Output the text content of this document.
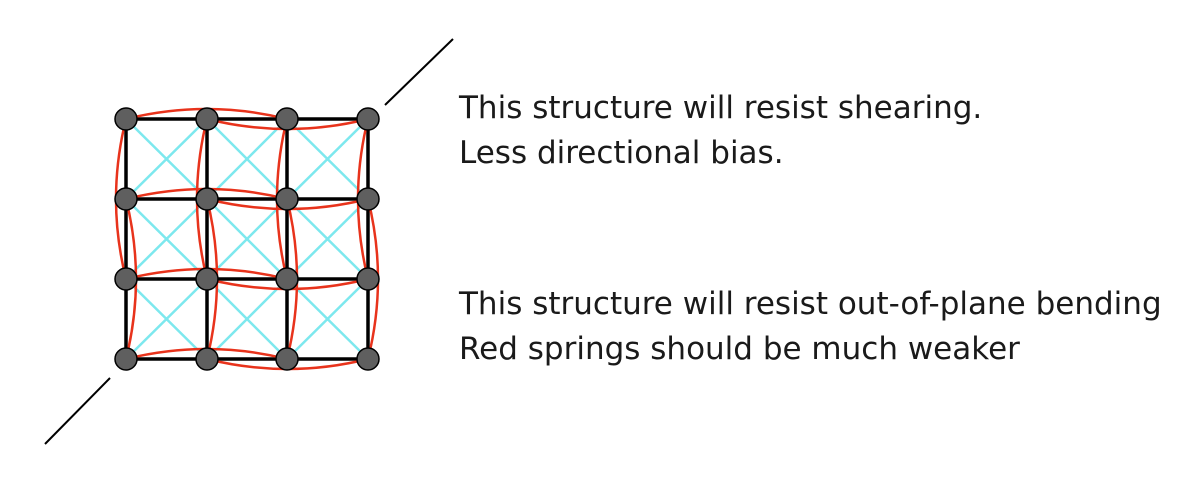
This structure will resist shearing.
Less directional bias.
This structure will resist out-of-plane bending
Red springs should be much weaker
